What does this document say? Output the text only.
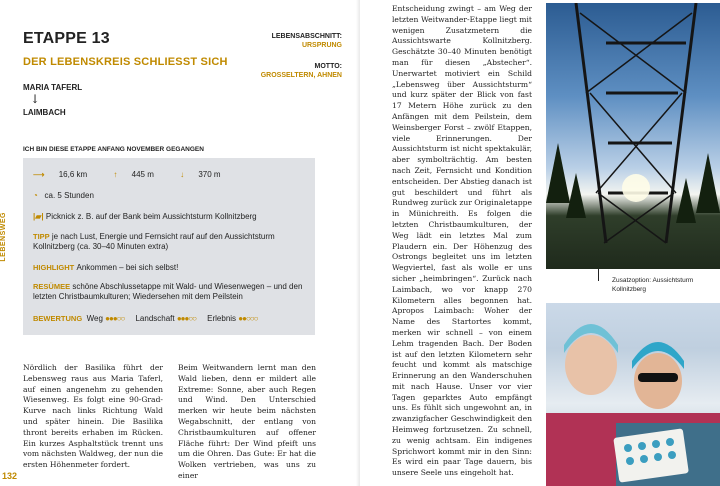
LEBENSWEG
132
ETAPPE 13
DER LEBENSKREIS SCHLIESST SICH
MARIA TAFERL
↓
LAIMBACH
LEBENSABSCHNITT:
URSPRUNG
MOTTO:
GROSSELTERN, AHNEN
ICH BIN DIESE ETAPPE ANFANG NOVEMBER GEGANGEN
⟶ 16,6 km	↑ 445 m	↓ 370 m
◔ ca. 5 Stunden
|▰| Picknick z. B. auf der Bank beim Aussichtsturm Kollnitzberg
TIPP je nach Lust, Energie und Fernsicht rauf auf den Aussichtsturm Kollnitzberg (ca. 30–40 Minuten extra)
HIGHLIGHT Ankommen – bei sich selbst!
RESÜMEE schöne Abschlussetappe mit Wald- und Wiesenwegen – und den letzten Christbaumkulturen; Wiedersehen mit dem Peilstein
BEWERTUNG Weg ●●●○○ Landschaft ●●●○○ Erlebnis ●●○○○
Nördlich der Basilika führt der Lebensweg raus aus Maria Taferl, auf einen angenehm zu gehenden Wiesenweg. Es folgt eine 90-Grad-Kurve nach links Richtung Wald und später hinein. Die Basilika thront bereits erhaben im Rücken. Ein kurzes Asphaltstück trennt uns vom nächsten Waldweg, der nun die ersten Höhenmeter fordert.
Beim Weitwandern lernt man den Wald lieben, denn er mildert alle Extreme: Sonne, aber auch Regen und Wind. Den Unterschied merken wir heute beim nächsten Wegabschnitt, der entlang von Christbaumkulturen auf offener Fläche führt: Der Wind pfeift uns um die Ohren. Das Gute: Er hat die Wolken vertrieben, was uns zu einer
Entscheidung zwingt – am Weg der letzten Weitwander-Etappe liegt mit wenigen Zusatzmetern die Aussichtswarte Kollnitzberg. Geschätzte 30–40 Minuten benötigt man für diesen „Abstecher“. Unerwartet motiviert ein Schild „Lebensweg über Aussichtsturm“ und kurz später der Blick von fast 17 Metern Höhe zurück zu den Anfängen mit dem Peilstein, dem Weinsberger Forst – zwölf Etappen, viele Erinnerungen. Der Aussichtsturm ist nicht spektakulär, aber symbolträchtig. Am besten nach Zeit, Fernsicht und Kondition entscheiden. Der Abstieg danach ist gut beschildert und führt als Rundweg zurück zur Originaletappe in Münichreith. Es folgen die letzten Christbaumkulturen, der Weg lädt ein letztes Mal zum Plaudern ein. Der Höhenzug des Ostrongs begleitet uns im letzten Wegviertel, fast als wolle er uns sicher „heimbringen“. Zurück nach Laimbach, wo vor knapp 270 Kilometern alles begonnen hat. Apropos Laimbach: Woher der Name des Startortes kommt, merken wir schnell – von einem Lehm tragenden Bach. Der Boden ist auf den letzten Kilometern sehr feucht und kommt als matschige Erinnerung an den Wanderschuhen mit nach Hause. Unser vor vier Tagen geparktes Auto empfängt uns. Es fühlt sich ungewohnt an, in zwanzigfacher Geschwindigkeit den Heimweg fortzusetzen. Zu schnell, zu wenig achtsam. Ein indigenes Sprichwort kommt mir in den Sinn: Es wird ein paar Tage dauern, bis unsere Seele uns eingeholt hat.
Zusatzoption: Aussichtsturm Kollnitzberg
